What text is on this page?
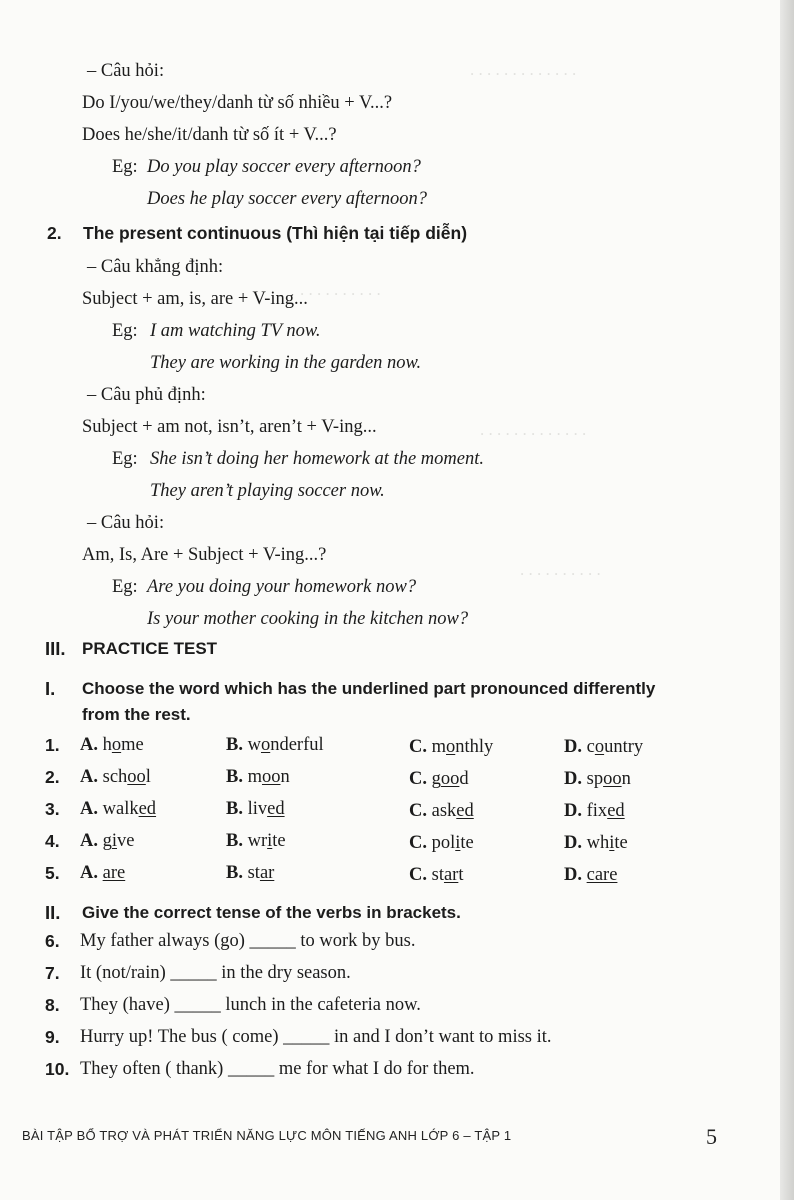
. . . . . . . . . . . . .
. . . . . . . . . .
. . . . . . . . . . . . .
. . . . . . . . . .
– Câu hỏi:
Do I/you/we/they/danh từ số nhiều + V...?
Does he/she/it/danh từ số ít + V...?
Eg: Do you play soccer every afternoon?
Does he play soccer every afternoon?
2. The present continuous (Thì hiện tại tiếp diễn)
– Câu khẳng định:
Subject + am, is, are + V-ing...
Eg: I am watching TV now.
They are working in the garden now.
– Câu phủ định:
Subject + am not, isn’t, aren’t + V-ing...
Eg: She isn’t doing her homework at the moment.
They aren’t playing soccer now.
– Câu hỏi:
Am, Is, Are + Subject + V-ing...?
Eg: Are you doing your homework now?
Is your mother cooking in the kitchen now?
III. PRACTICE TEST
I. Choose the word which has the underlined part pronounced differently
from the rest.
1. A. home	B. wonderful	C. monthly	D. country
2. A. school	B. moon	C. good	D. spoon
3. A. walked	B. lived	C. asked	D. fixed
4. A. give	B. write	C. polite	D. white
5. A. are	B. star	C. start	D. care
II. Give the correct tense of the verbs in brackets.
6. My father always (go) _____ to work by bus.
7. It (not/rain) _____ in the dry season.
8. They (have) _____ lunch in the cafeteria now.
9. Hurry up! The bus ( come) _____ in and I don’t want to miss it.
10. They often ( thank) _____ me for what I do for them.
BÀI TẬP BỔ TRỢ VÀ PHÁT TRIỂN NĂNG LỰC MÔN TIẾNG ANH LỚP 6 – TẬP 1	5
